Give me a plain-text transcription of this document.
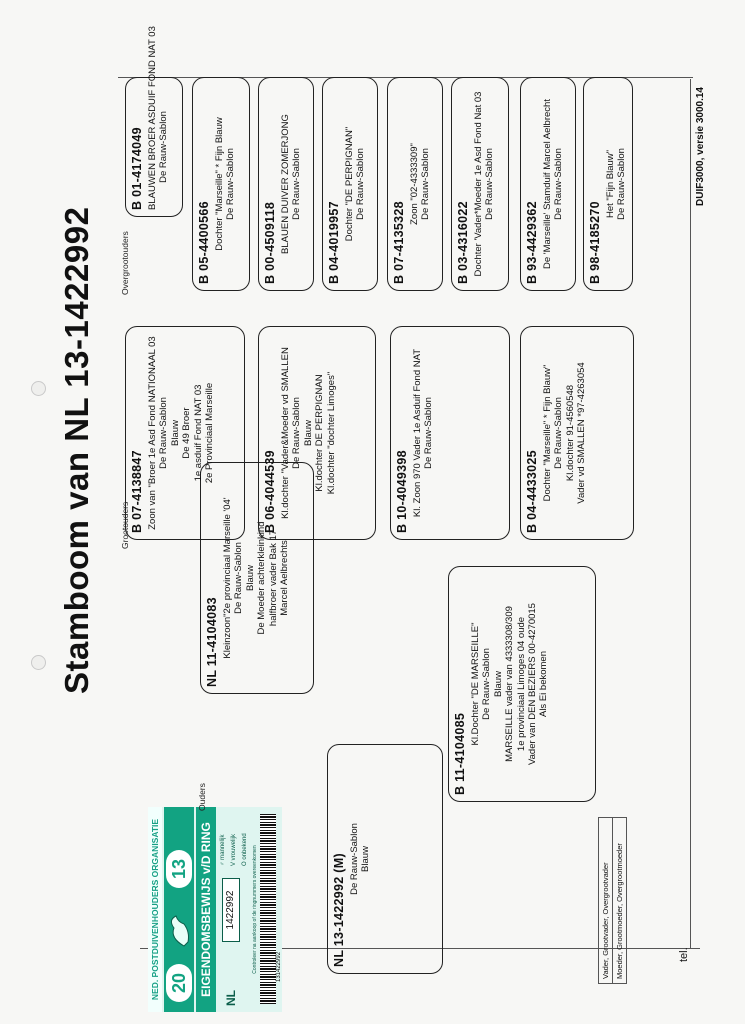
Stamboom van NL 13-1422992
NED. POSTDUIVENHOUDERS ORGANISATIE 20
13 EIGENDOMSBEWIJS v/D RING
NL
1422992
♂ mannelijk V vrouwelijk O onbekend Controleer na aankoop of de ringnummers overeenkomen	131422992	Vader, Grootvader, Overgrootvader Moeder, Grootmoeder, Overgrootmoeder
Ouders
Grootouders
Overgrootouders
NL 13-1422992 (M) De Rauw-Sablon Blauw
NL 11-4104083 Kleinzoon"2e provinciaal Marseille '04' De Rauw-Sablon Blauw De Moeder achterkleinkind halfbroer vader Bak 17 Marcel Aelbrechts
B 11-4104085
Kl.Dochter "DE MARSEILLE" De Rauw-Sablon Blauw MARSEILLE vader van 4333308/309 1e provinciaal Limoges 04 oude Vader van DEN BEZIERS 00-4270015 Als Ei bekomen
B 07-4138847 Zoon van "Broer 1e Asd Fond NATIONAAL 03 De Rauw-Sablon Blauw De 49 Broer 1e asduif Fond NAT 03 2e Provinciaal Marseille
B 06-4044539 Kl.dochter "Vader&Moeder vd SMALLEN De Rauw-Sablon Blauw Kl.dochter DE PERPIGNAN Kl.dochter "dochter Limoges"	B 10-4049398 Kl. Zoon 970 Vader 1e Asduif Fond NAT De Rauw-Sablon
B 04-4433025 Dochter "Marseille" * Fijn Blauw" De Rauw-Sablon Kl.dochter 91-4560548 Vader vd SMALLEN *97-4263054
B 01-4174049 BLAUWEN BROER ASDUIF FOND NAT 03 De Rauw-Sablon
B 05-4400566 Dochter "Marseille" * Fijn Blauw De Rauw-Sablon
B 00-4509118 BLAUEN DUIVER ZOMERJONG De Rauw-Sablon
B 04-4019957
Dochter "DE PERPIGNAN" De Rauw-Sablon
B 07-4135328
Zoon "02-4333309" De Rauw-Sablon
B 03-4316022 Dochter 'Vader*Moeder 1e Asd Fond Nat 03 De Rauw-Sablon
B 93-4429362 De 'Marseille' Stamduif Marcel Aelbrecht De Rauw-Sablon
B 98-4185270
Het "Fijn Blauw" De Rauw-Sablon	DUIF3000, versie 3000.14
tel.
